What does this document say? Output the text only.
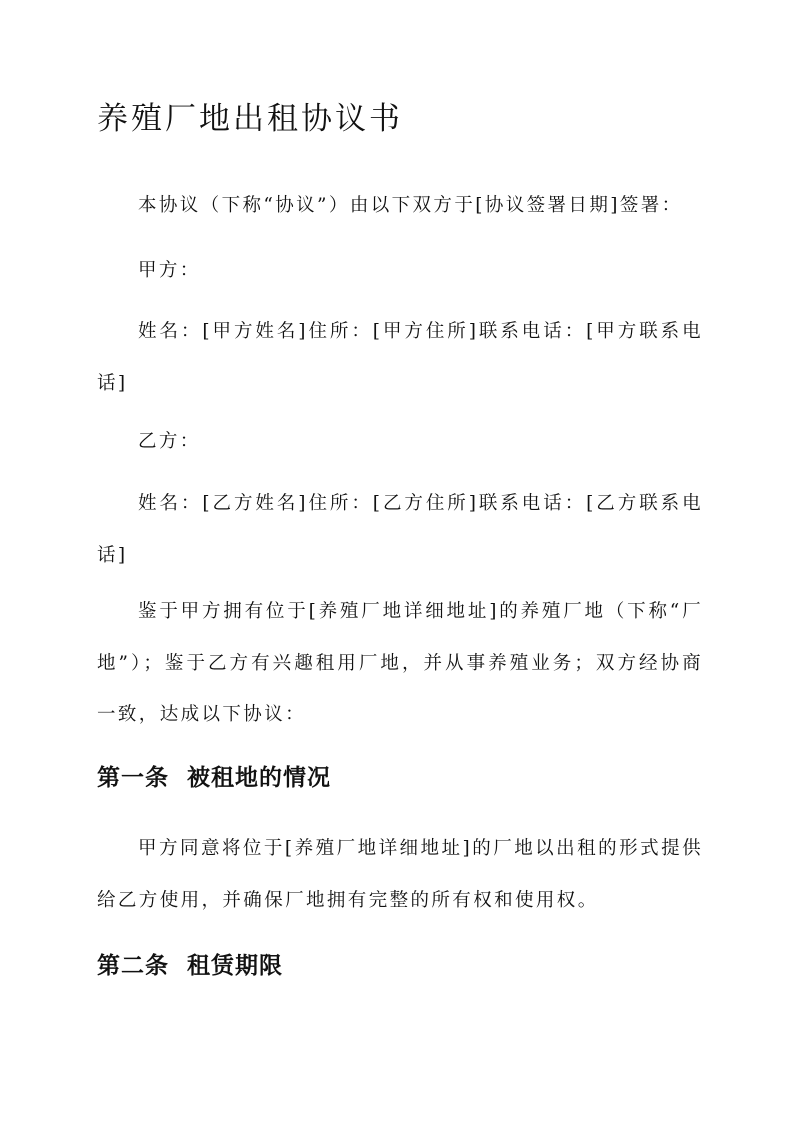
养殖厂地出租协议书

本协议（下称“协议”）由以下双方于[协议签署日期]签署：

甲方：

姓名：[甲方姓名]住所：[甲方住所]联系电话：[甲方联系电话]

乙方：

姓名：[乙方姓名]住所：[乙方住所]联系电话：[乙方联系电话]

鉴于甲方拥有位于[养殖厂地详细地址]的养殖厂地（下称“厂地”）；鉴于乙方有兴趣租用厂地，并从事养殖业务；双方经协商一致，达成以下协议：

第一条  被租地的情况

甲方同意将位于[养殖厂地详细地址]的厂地以出租的形式提供给乙方使用，并确保厂地拥有完整的所有权和使用权。

第二条  租赁期限
